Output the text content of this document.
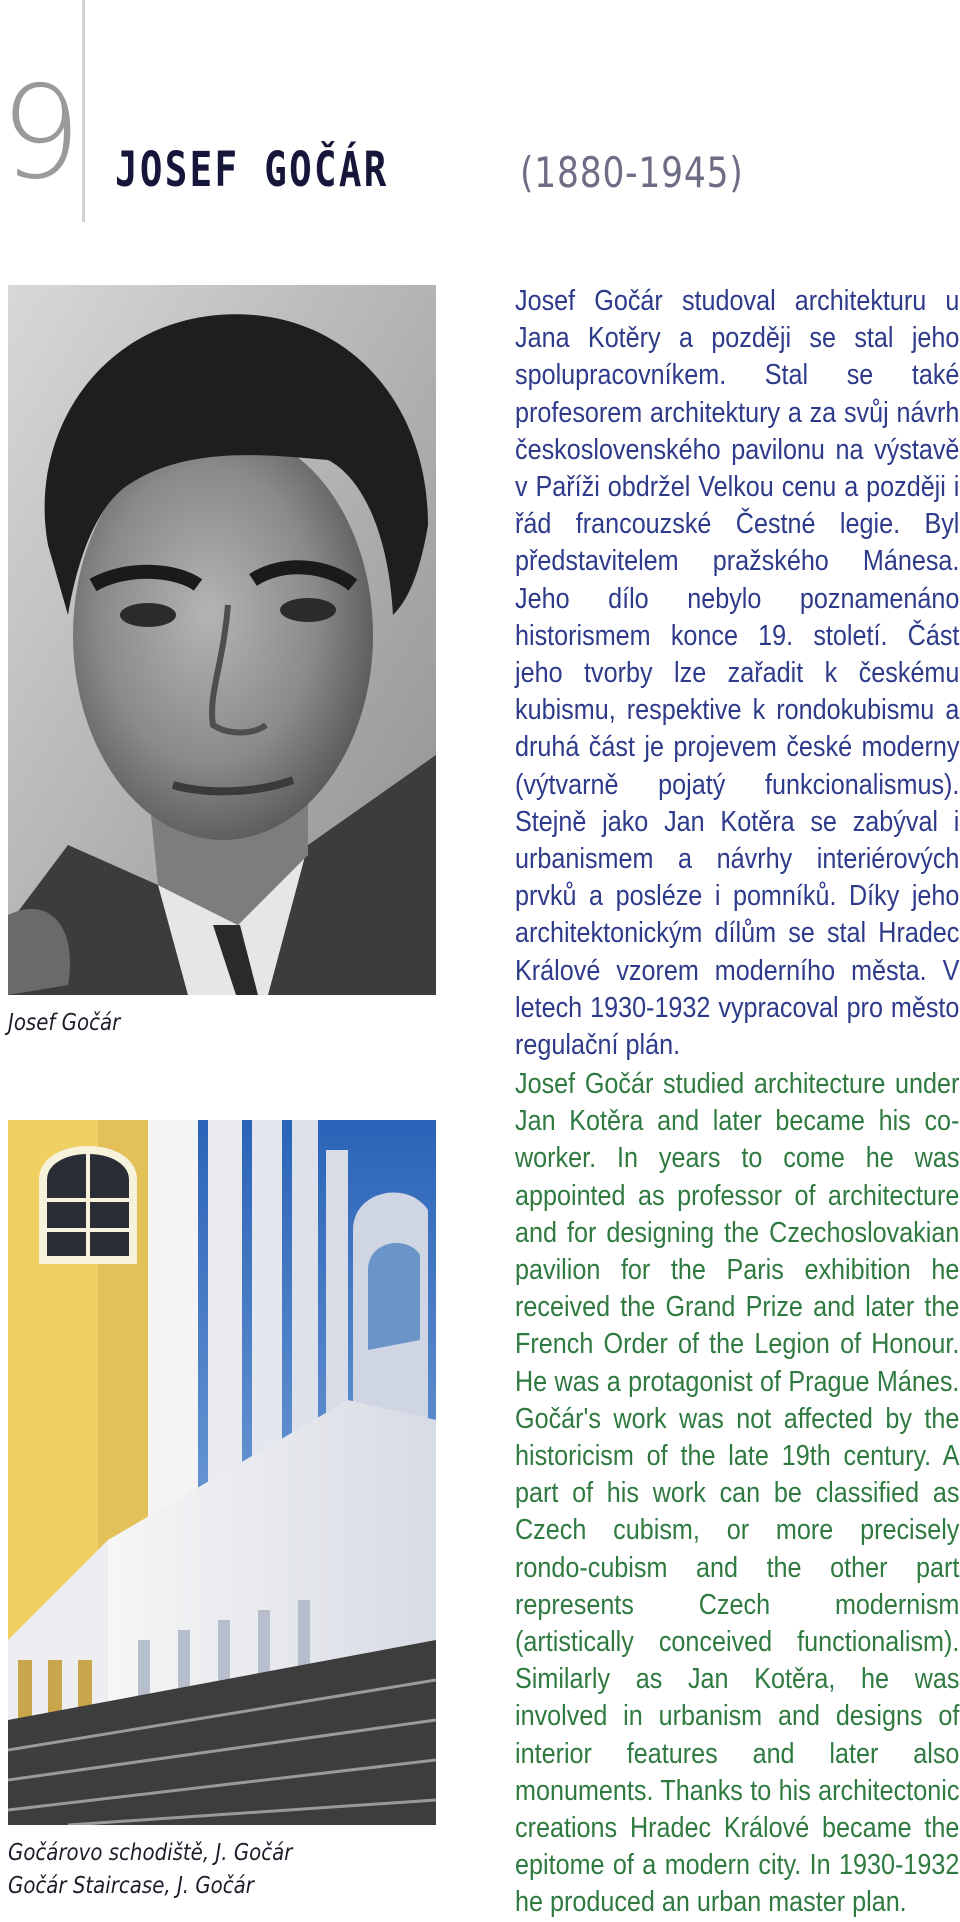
9 JOSEF GOČÁR	(1880-1945)
Josef Gočár
Gočárovo schodiště, J. Gočár
Gočár Staircase, J. Gočár

Josef Gočár studoval architekturu u Jana Kotěry a později se stal jeho spolupracovníkem. Stal se také profesorem architektury a za svůj návrh československého pavilonu na výstavě v Paříži obdržel Velkou cenu a později i řád francouzské Čestné legie. Byl představitelem pražského Mánesa. Jeho dílo nebylo poznamenáno historismem konce 19. století. Část jeho tvorby lze zařadit k českému kubismu, respektive k rondokubismu a druhá část je projevem české moderny (výtvarně pojatý funkcionalismus). Stejně jako Jan Kotěra se zabýval i urbanismem a návrhy interiérových prvků a posléze i pomníků. Díky jeho architektonickým dílům se stal Hradec Králové vzorem moderního města. V letech 1930-1932 vypracoval pro město regulační plán.

Josef Gočár studied architecture under Jan Kotěra and later became his co-worker. In years to come he was appointed as professor of architecture and for designing the Czechoslovakian pavilion for the Paris exhibition he received the Grand Prize and later the French Order of the Legion of Honour. He was a protagonist of Prague Mánes. Gočár's work was not affected by the historicism of the late 19th century. A part of his work can be classified as Czech cubism, or more precisely rondo-cubism and the other part represents Czech modernism (artistically conceived functionalism). Similarly as Jan Kotěra, he was involved in urbanism and designs of interior features and later also monuments. Thanks to his architectonic creations Hradec Králové became the epitome of a modern city. In 1930-1932 he produced an urban master plan.
